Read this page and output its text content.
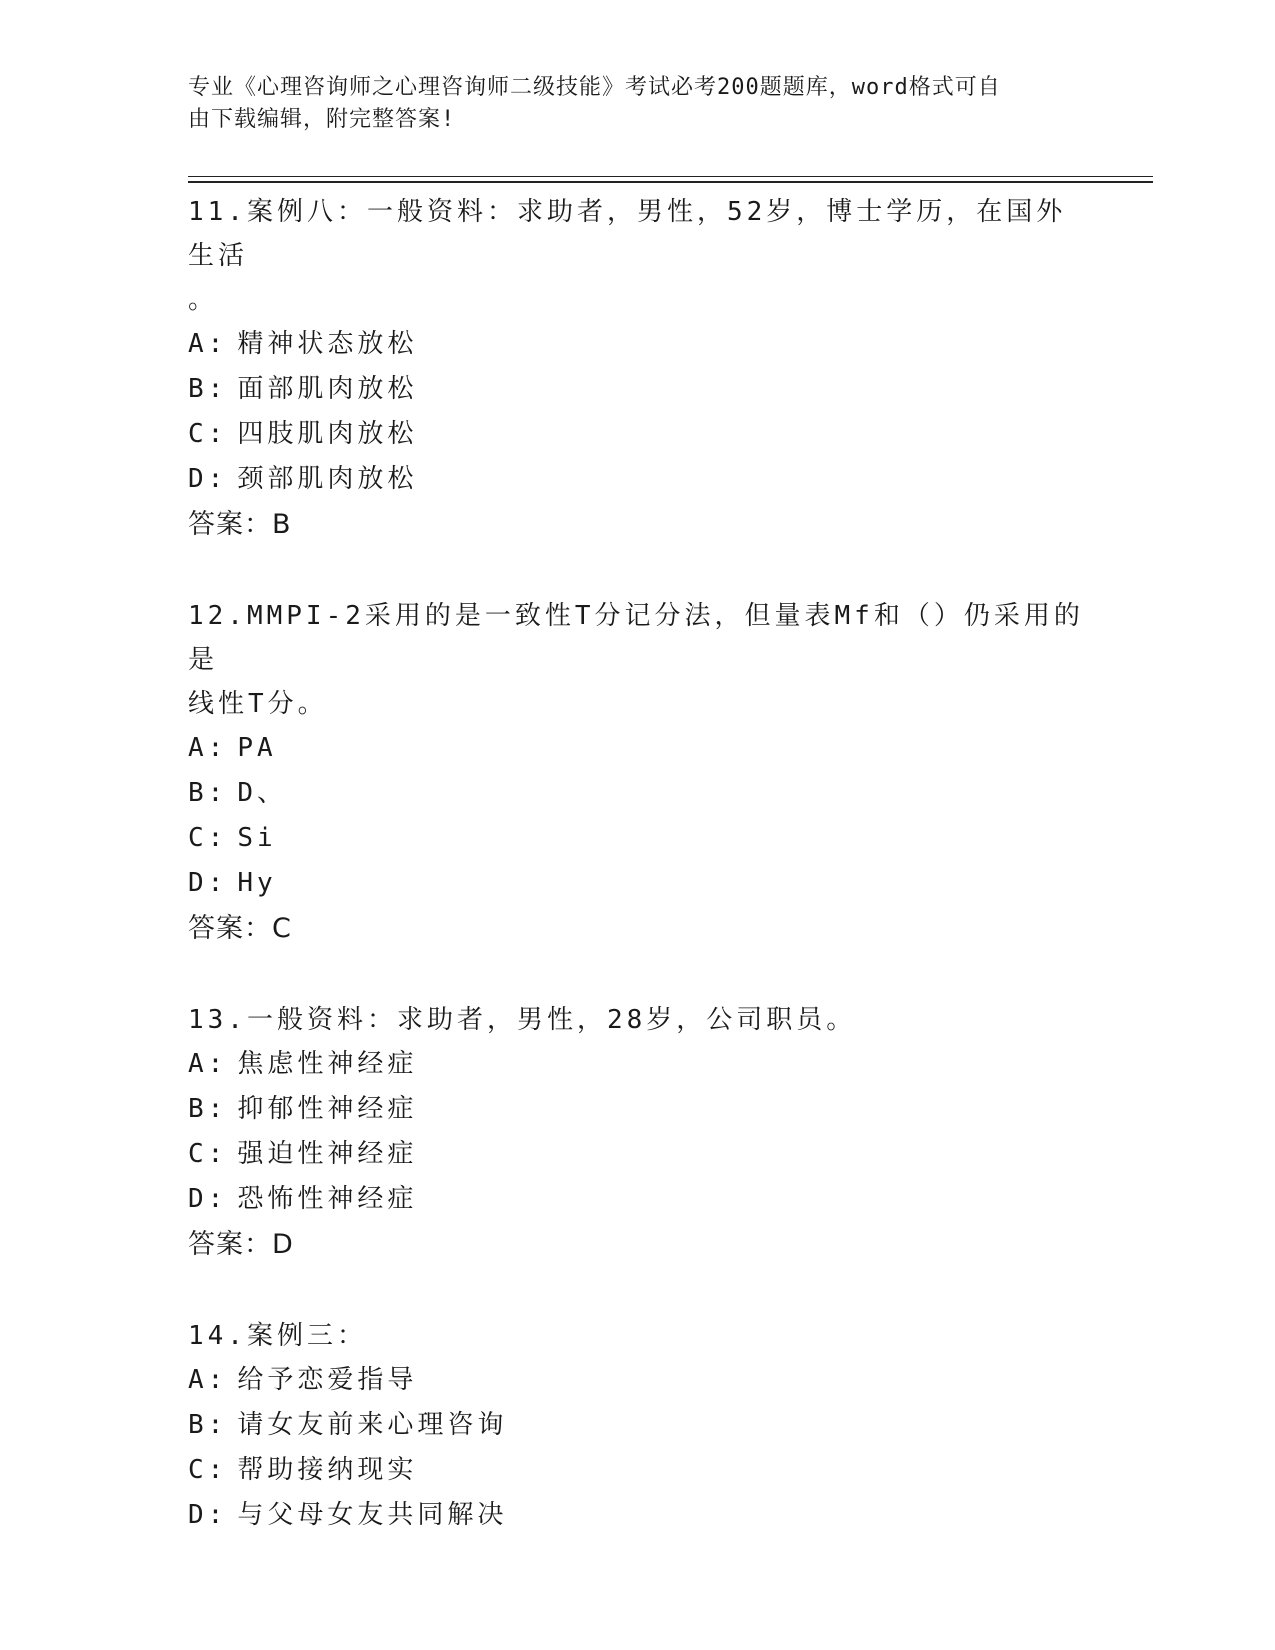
专业《心理咨询师之心理咨询师二级技能》考试必考200题题库，word格式可自
由下载编辑，附完整答案!

11.案例八：一般资料：求助者，男性，52岁，博士学历，在国外生活
。

A: 精神状态放松

B: 面部肌肉放松

C: 四肢肌肉放松

D: 颈部肌肉放松

答案：B

12.MMPI-2采用的是一致性T分记分法，但量表Mf和（）仍采用的是
线性T分。

A: PA

B: D、

C: Si

D: Hy

答案：C

13.一般资料：求助者，男性，28岁，公司职员。

A: 焦虑性神经症

B: 抑郁性神经症

C: 强迫性神经症

D: 恐怖性神经症

答案：D

14.案例三：

A: 给予恋爱指导

B: 请女友前来心理咨询

C: 帮助接纳现实

D: 与父母女友共同解决
